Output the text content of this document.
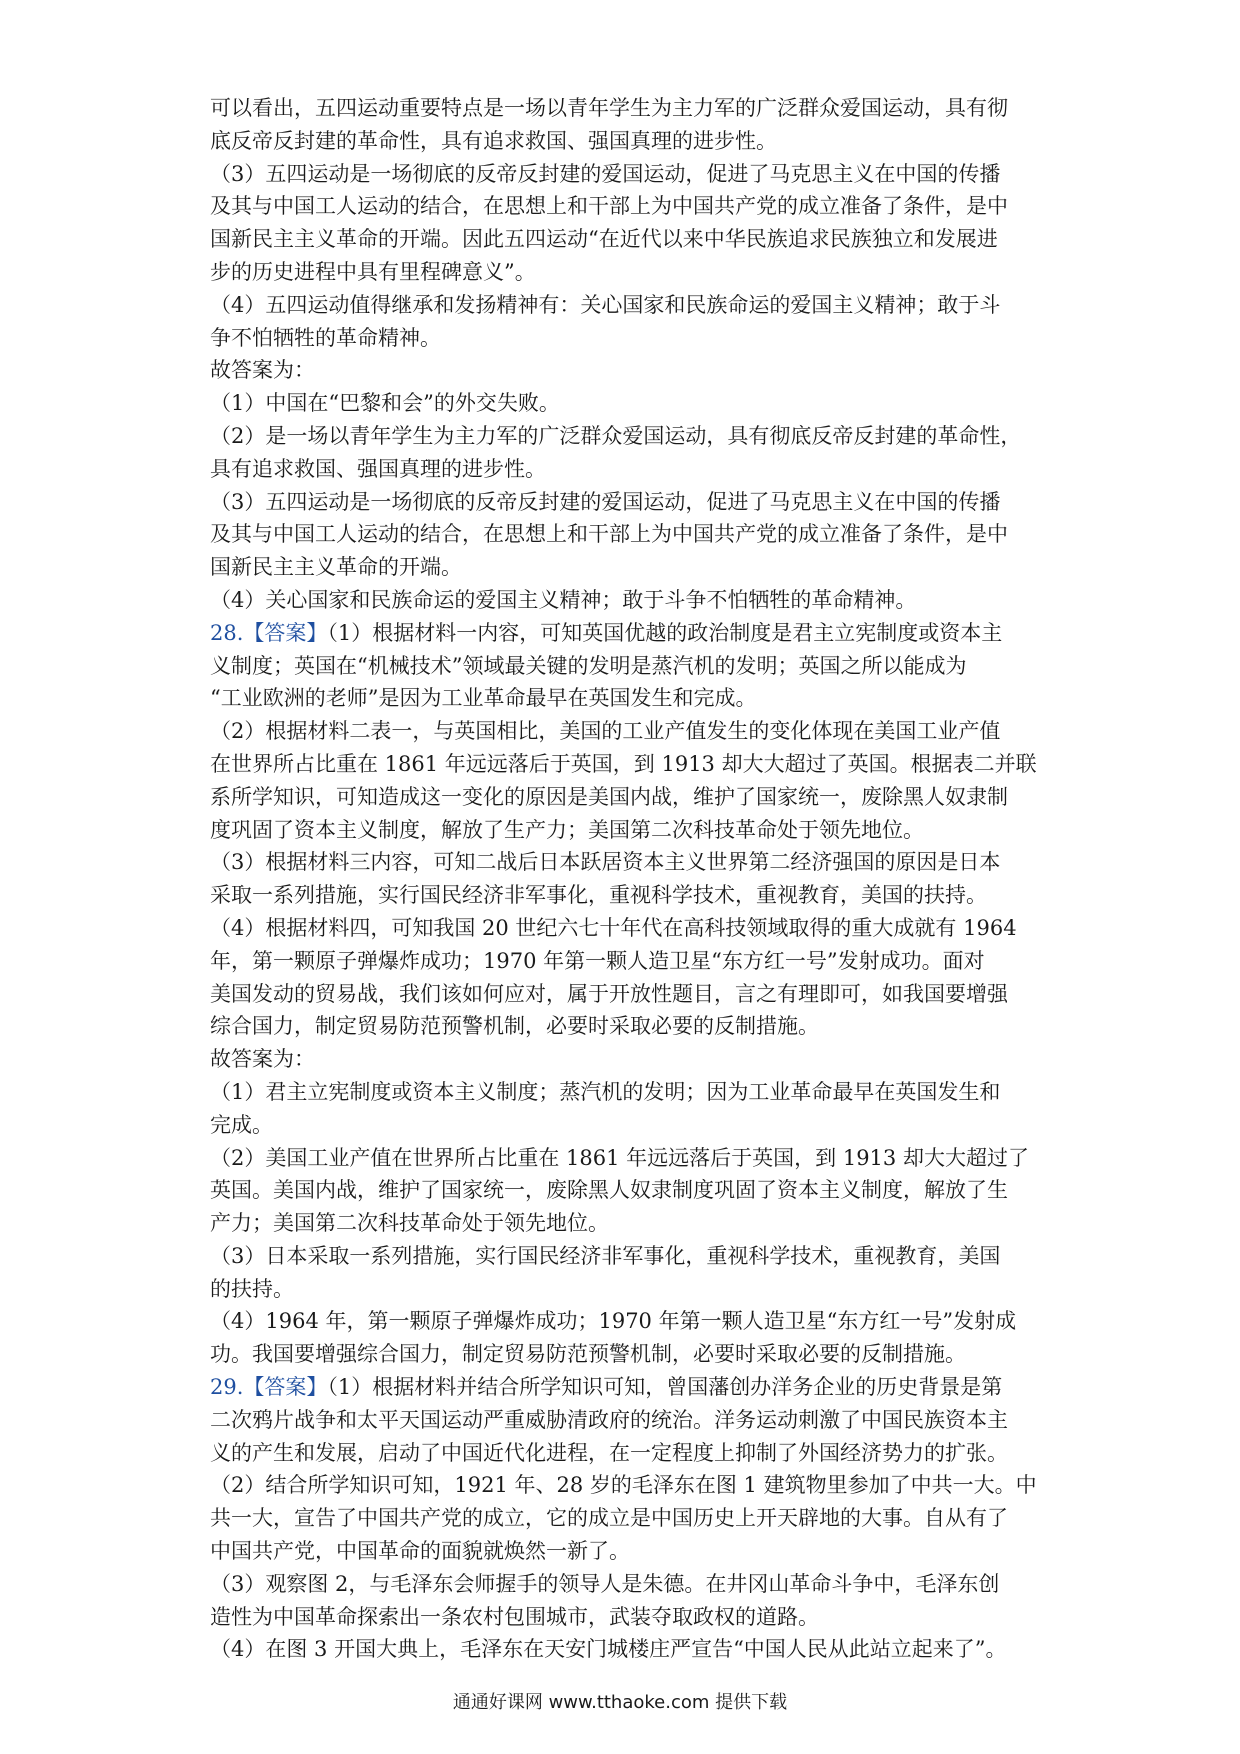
可以看出，五四运动重要特点是一场以青年学生为主力军的广泛群众爱国运动，具有彻
底反帝反封建的革命性，具有追求救国、强国真理的进步性。
（3）五四运动是一场彻底的反帝反封建的爱国运动，促进了马克思主义在中国的传播
及其与中国工人运动的结合，在思想上和干部上为中国共产党的成立准备了条件，是中
国新民主主义革命的开端。因此五四运动“在近代以来中华民族追求民族独立和发展进
步的历史进程中具有里程碑意义”。
（4）五四运动值得继承和发扬精神有：关心国家和民族命运的爱国主义精神；敢于斗
争不怕牺牲的革命精神。
故答案为：
（1）中国在“巴黎和会”的外交失败。
（2）是一场以青年学生为主力军的广泛群众爱国运动，具有彻底反帝反封建的革命性，
具有追求救国、强国真理的进步性。
（3）五四运动是一场彻底的反帝反封建的爱国运动，促进了马克思主义在中国的传播
及其与中国工人运动的结合，在思想上和干部上为中国共产党的成立准备了条件，是中
国新民主主义革命的开端。
（4）关心国家和民族命运的爱国主义精神；敢于斗争不怕牺牲的革命精神。
28.【答案】（1）根据材料一内容，可知英国优越的政治制度是君主立宪制度或资本主
义制度；英国在“机械技术”领域最关键的发明是蒸汽机的发明；英国之所以能成为
“工业欧洲的老师”是因为工业革命最早在英国发生和完成。
（2）根据材料二表一，与英国相比，美国的工业产值发生的变化体现在美国工业产值
在世界所占比重在 1861 年远远落后于英国，到 1913 却大大超过了英国。根据表二并联
系所学知识，可知造成这一变化的原因是美国内战，维护了国家统一，废除黑人奴隶制
度巩固了资本主义制度，解放了生产力；美国第二次科技革命处于领先地位。
（3）根据材料三内容，可知二战后日本跃居资本主义世界第二经济强国的原因是日本
采取一系列措施，实行国民经济非军事化，重视科学技术，重视教育，美国的扶持。
（4）根据材料四，可知我国 20 世纪六七十年代在高科技领域取得的重大成就有 1964
年，第一颗原子弹爆炸成功；1970 年第一颗人造卫星“东方红一号”发射成功。面对
美国发动的贸易战，我们该如何应对，属于开放性题目，言之有理即可，如我国要增强
综合国力，制定贸易防范预警机制，必要时采取必要的反制措施。
故答案为：
（1）君主立宪制度或资本主义制度；蒸汽机的发明；因为工业革命最早在英国发生和
完成。
（2）美国工业产值在世界所占比重在 1861 年远远落后于英国，到 1913 却大大超过了
英国。美国内战，维护了国家统一，废除黑人奴隶制度巩固了资本主义制度，解放了生
产力；美国第二次科技革命处于领先地位。
（3）日本采取一系列措施，实行国民经济非军事化，重视科学技术，重视教育，美国
的扶持。
（4）1964 年，第一颗原子弹爆炸成功；1970 年第一颗人造卫星“东方红一号”发射成
功。我国要增强综合国力，制定贸易防范预警机制，必要时采取必要的反制措施。
29.【答案】（1）根据材料并结合所学知识可知，曾国藩创办洋务企业的历史背景是第
二次鸦片战争和太平天国运动严重威胁清政府的统治。洋务运动刺激了中国民族资本主
义的产生和发展，启动了中国近代化进程，在一定程度上抑制了外国经济势力的扩张。
（2）结合所学知识可知，1921 年、28 岁的毛泽东在图 1 建筑物里参加了中共一大。中
共一大，宣告了中国共产党的成立，它的成立是中国历史上开天辟地的大事。自从有了
中国共产党，中国革命的面貌就焕然一新了。
（3）观察图 2，与毛泽东会师握手的领导人是朱德。在井冈山革命斗争中，毛泽东创
造性为中国革命探索出一条农村包围城市，武装夺取政权的道路。
（4）在图 3 开国大典上，毛泽东在天安门城楼庄严宣告“中国人民从此站立起来了”。
通通好课网 www.tthaoke.com 提供下载
